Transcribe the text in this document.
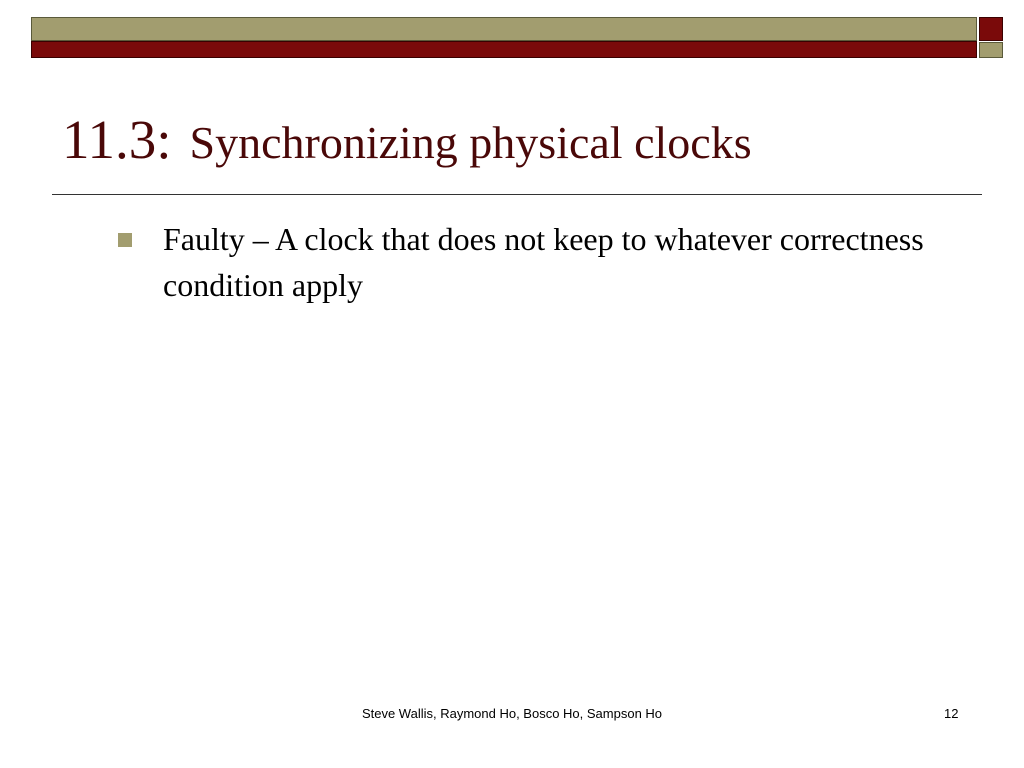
11.3: Synchronizing physical clocks
Faulty – A clock that does not keep to whatever correctness condition apply
Steve Wallis, Raymond Ho, Bosco Ho, Sampson Ho	12
